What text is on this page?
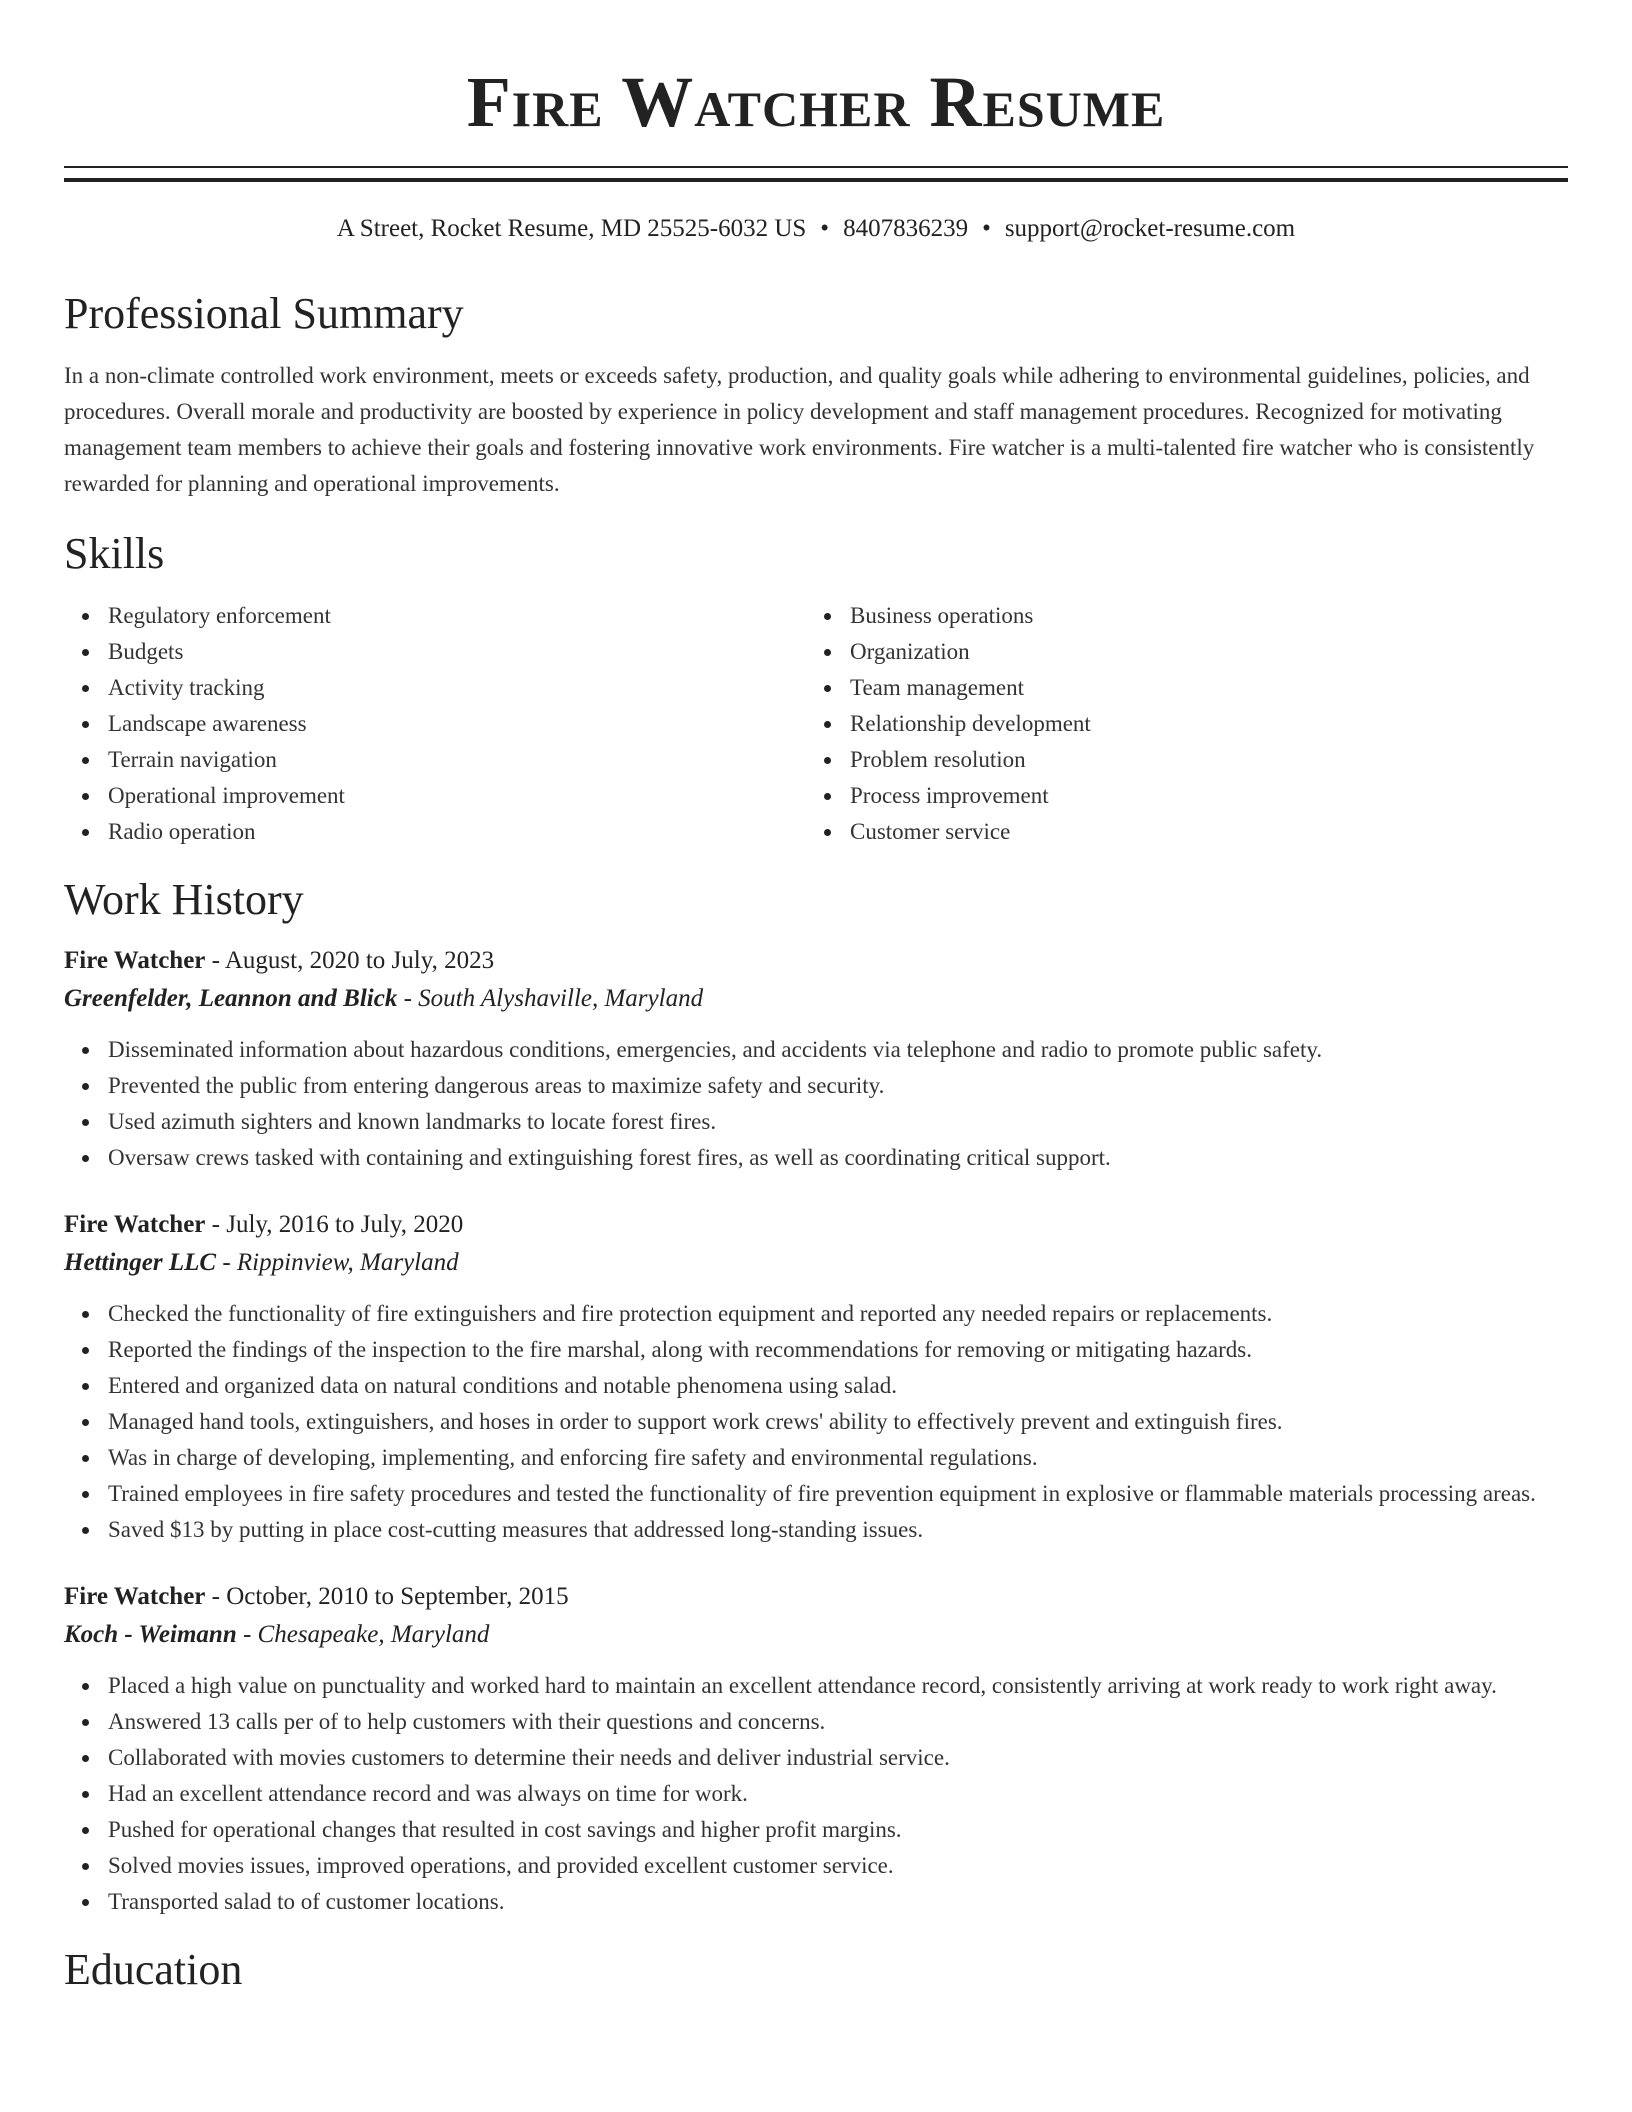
Fire Watcher Resume
A Street, Rocket Resume, MD 25525-6032 US • 8407836239 • support@rocket-resume.com
Professional Summary

In a non-climate controlled work environment, meets or exceeds safety, production, and quality goals while adhering to environmental guidelines, policies, and procedures. Overall morale and productivity are boosted by experience in policy development and staff management procedures. Recognized for motivating management team members to achieve their goals and fostering innovative work environments. Fire watcher is a multi-talented fire watcher who is consistently rewarded for planning and operational improvements.

Skills
Regulatory enforcement
Budgets
Activity tracking
Landscape awareness
Terrain navigation
Operational improvement
Radio operation
Business operations
Organization
Team management
Relationship development
Problem resolution
Process improvement
Customer service
Work History
Fire Watcher - August, 2020 to July, 2023
Greenfelder, Leannon and Blick - South Alyshaville, Maryland
Disseminated information about hazardous conditions, emergencies, and accidents via telephone and radio to promote public safety.
Prevented the public from entering dangerous areas to maximize safety and security.
Used azimuth sighters and known landmarks to locate forest fires.
Oversaw crews tasked with containing and extinguishing forest fires, as well as coordinating critical support.
Fire Watcher - July, 2016 to July, 2020
Hettinger LLC - Rippinview, Maryland
Checked the functionality of fire extinguishers and fire protection equipment and reported any needed repairs or replacements.
Reported the findings of the inspection to the fire marshal, along with recommendations for removing or mitigating hazards.
Entered and organized data on natural conditions and notable phenomena using salad.
Managed hand tools, extinguishers, and hoses in order to support work crews' ability to effectively prevent and extinguish fires.
Was in charge of developing, implementing, and enforcing fire safety and environmental regulations.
Trained employees in fire safety procedures and tested the functionality of fire prevention equipment in explosive or flammable materials processing areas.
Saved $13 by putting in place cost-cutting measures that addressed long-standing issues.
Fire Watcher - October, 2010 to September, 2015
Koch - Weimann - Chesapeake, Maryland
Placed a high value on punctuality and worked hard to maintain an excellent attendance record, consistently arriving at work ready to work right away.
Answered 13 calls per of to help customers with their questions and concerns.
Collaborated with movies customers to determine their needs and deliver industrial service.
Had an excellent attendance record and was always on time for work.
Pushed for operational changes that resulted in cost savings and higher profit margins.
Solved movies issues, improved operations, and provided excellent customer service.
Transported salad to of customer locations.
Education
